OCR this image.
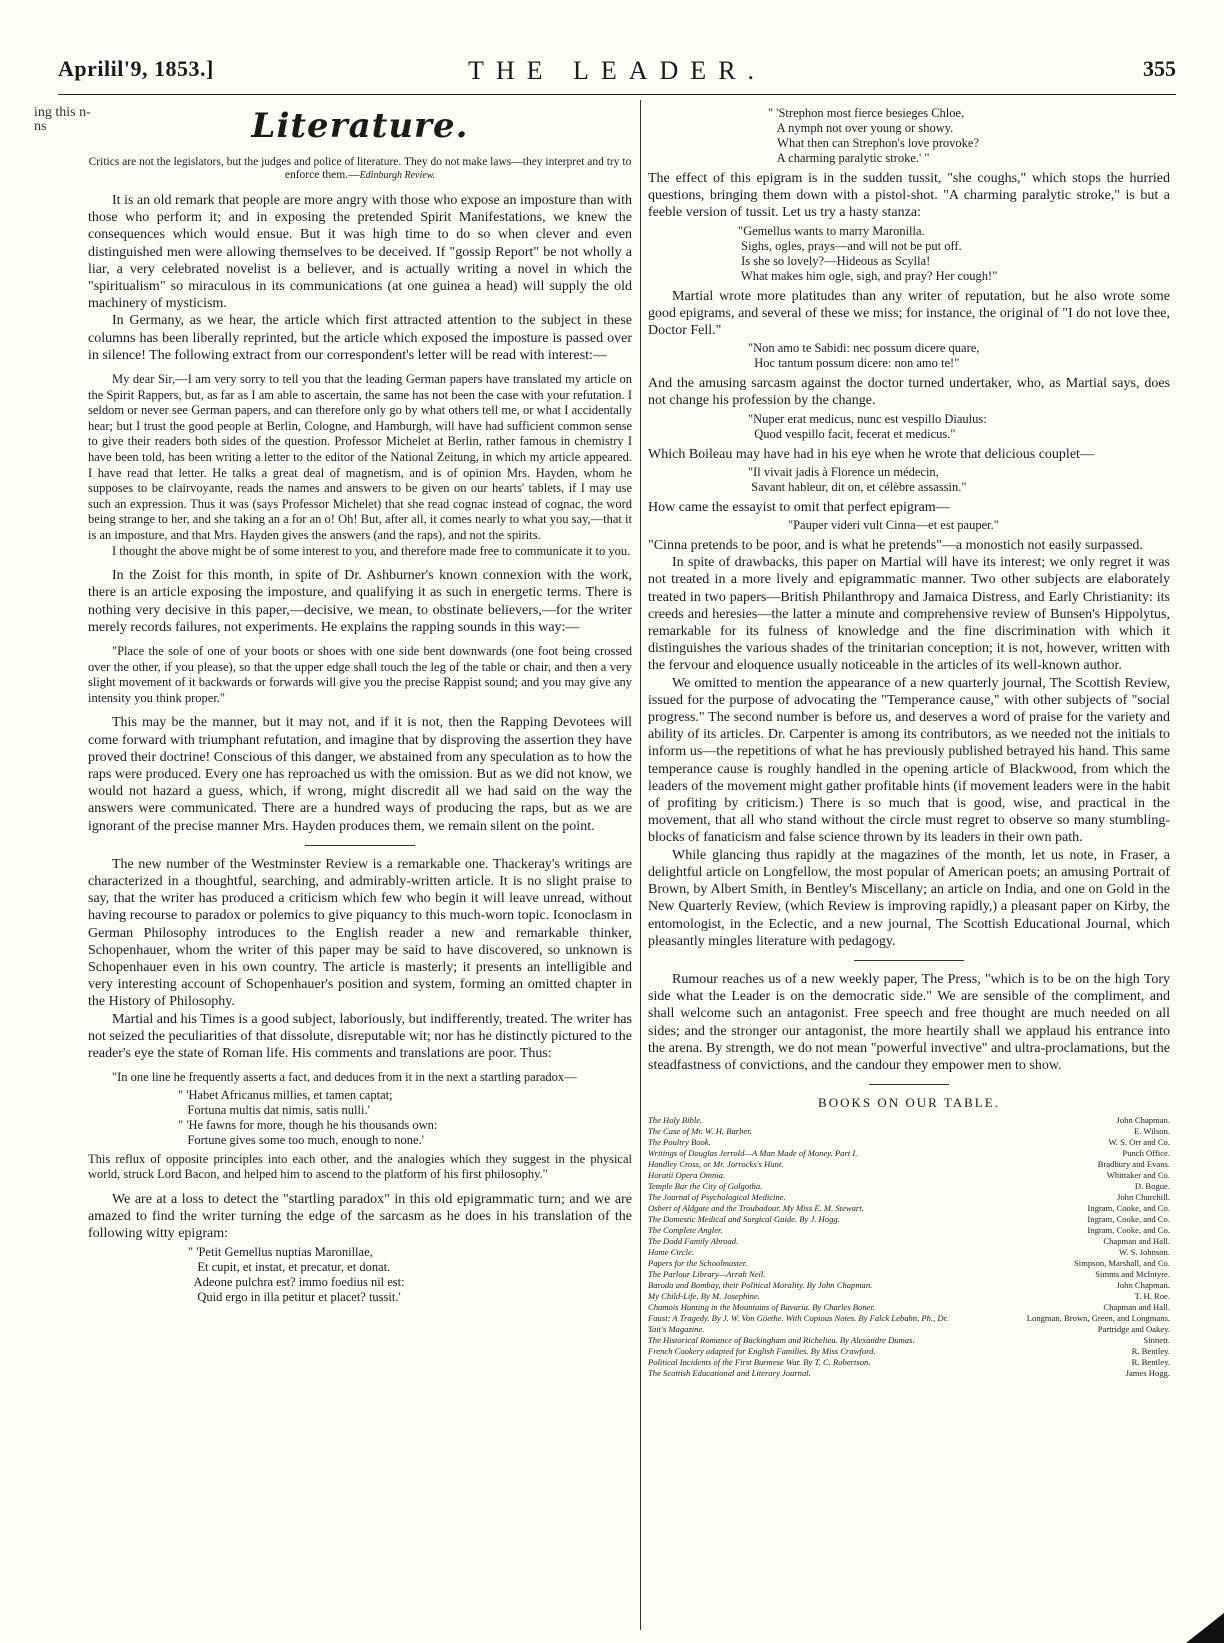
Aprilil'9, 1853.]	THE LEADER.	355
ing this n- ns	Literature.
Critics are not the legislators, but the judges and police of literature. They do not make laws—they interpret and try to enforce them.—Edinburgh Review.

It is an old remark that people are more angry with those who expose an imposture than with those who perform it; and in exposing the pretended Spirit Manifestations, we knew the consequences which would ensue. But it was high time to do so when clever and even distinguished men were allowing themselves to be deceived. If "gossip Report" be not wholly a liar, a very celebrated novelist is a believer, and is actually writing a novel in which the "spiritualism" so miraculous in its communications (at one guinea a head) will supply the old machinery of mysticism.

In Germany, as we hear, the article which first attracted attention to the subject in these columns has been liberally reprinted, but the article which exposed the imposture is passed over in silence! The following extract from our correspondent's letter will be read with interest:—

My dear Sir,—I am very sorry to tell you that the leading German papers have translated my article on the Spirit Rappers, but, as far as I am able to ascertain, the same has not been the case with your refutation. I seldom or never see German papers, and can therefore only go by what others tell me, or what I accidentally hear; but I trust the good people at Berlin, Cologne, and Hamburgh, will have had sufficient common sense to give their readers both sides of the question. Professor Michelet at Berlin, rather famous in chemistry I have been told, has been writing a letter to the editor of the National Zeitung, in which my article appeared. I have read that letter. He talks a great deal of magnetism, and is of opinion Mrs. Hayden, whom he supposes to be clairvoyante, reads the names and answers to be given on our hearts' tablets, if I may use such an expression. Thus it was (says Professor Michelet) that she read cognac instead of cognac, the word being strange to her, and she taking an a for an o! Oh! But, after all, it comes nearly to what you say,—that it is an imposture, and that Mrs. Hayden gives the answers (and the raps), and not the spirits.

I thought the above might be of some interest to you, and therefore made free to communicate it to you.

In the Zoist for this month, in spite of Dr. Ashburner's known connexion with the work, there is an article exposing the imposture, and qualifying it as such in energetic terms. There is nothing very decisive in this paper,—decisive, we mean, to obstinate believers,—for the writer merely records failures, not experiments. He explains the rapping sounds in this way:—

"Place the sole of one of your boots or shoes with one side bent downwards (one foot being crossed over the other, if you please), so that the upper edge shall touch the leg of the table or chair, and then a very slight movement of it backwards or forwards will give you the precise Rappist sound; and you may give any intensity you think proper."

This may be the manner, but it may not, and if it is not, then the Rapping Devotees will come forward with triumphant refutation, and imagine that by disproving the assertion they have proved their doctrine! Conscious of this danger, we abstained from any speculation as to how the raps were produced. Every one has reproached us with the omission. But as we did not know, we would not hazard a guess, which, if wrong, might discredit all we had said on the way the answers were communicated. There are a hundred ways of producing the raps, but as we are ignorant of the precise manner Mrs. Hayden produces them, we remain silent on the point.

The new number of the Westminster Review is a remarkable one. Thackeray's writings are characterized in a thoughtful, searching, and admirably-written article. It is no slight praise to say, that the writer has produced a criticism which few who begin it will leave unread, without having recourse to paradox or polemics to give piquancy to this much-worn topic. Iconoclasm in German Philosophy introduces to the English reader a new and remarkable thinker, Schopenhauer, whom the writer of this paper may be said to have discovered, so unknown is Schopenhauer even in his own country. The article is masterly; it presents an intelligible and very interesting account of Schopenhauer's position and system, forming an omitted chapter in the History of Philosophy.

Martial and his Times is a good subject, laboriously, but indifferently, treated. The writer has not seized the peculiarities of that dissolute, disreputable wit; nor has he distinctly pictured to the reader's eye the state of Roman life. His comments and translations are poor. Thus:

"In one line he frequently asserts a fact, and deduces from it in the next a startling paradox—

" 'Habet Africanus millies, et tamen captat;
Fortuna multis dat nimis, satis nulli.'
" 'He fawns for more, though he his thousands own:
Fortune gives some too much, enough to none.'

This reflux of opposite principles into each other, and the analogies which they suggest in the physical world, struck Lord Bacon, and helped him to ascend to the platform of his first philosophy."

We are at a loss to detect the "startling paradox" in this old epigrammatic turn; and we are amazed to find the writer turning the edge of the sarcasm as he does in his translation of the following witty epigram:

" 'Petit Gemellus nuptias Maronillae,
Et cupit, et instat, et precatur, et donat.
Adeone pulchra est? immo foedius nil est:
Quid ergo in illa petitur et placet? tussit.'
" 'Strephon most fierce besieges Chloe,
A nymph not over young or showy.
What then can Strephon's love provoke?
A charming paralytic stroke.' "

The effect of this epigram is in the sudden tussit, "she coughs," which stops the hurried questions, bringing them down with a pistol-shot. "A charming paralytic stroke," is but a feeble version of tussit. Let us try a hasty stanza:

"Gemellus wants to marry Maronilla.
Sighs, ogles, prays—and will not be put off.
Is she so lovely?—Hideous as Scylla!
What makes him ogle, sigh, and pray? Her cough!"

Martial wrote more platitudes than any writer of reputation, but he also wrote some good epigrams, and several of these we miss; for instance, the original of "I do not love thee, Doctor Fell."

"Non amo te Sabidi: nec possum dicere quare,
Hoc tantum possum dicere: non amo te!"

And the amusing sarcasm against the doctor turned undertaker, who, as Martial says, does not change his profession by the change.

"Nuper erat medicus, nunc est vespillo Diaulus:
Quod vespillo facit, fecerat et medicus."

Which Boileau may have had in his eye when he wrote that delicious couplet—

"Il vivait jadis à Florence un médecin,
Savant hableur, dit on, et célèbre assassin."

How came the essayist to omit that perfect epigram—

"Pauper videri vult Cinna—et est pauper."

"Cinna pretends to be poor, and is what he pretends"—a monostich not easily surpassed.

In spite of drawbacks, this paper on Martial will have its interest; we only regret it was not treated in a more lively and epigrammatic manner. Two other subjects are elaborately treated in two papers—British Philanthropy and Jamaica Distress, and Early Christianity: its creeds and heresies—the latter a minute and comprehensive review of Bunsen's Hippolytus, remarkable for its fulness of knowledge and the fine discrimination with which it distinguishes the various shades of the trinitarian conception; it is not, however, written with the fervour and eloquence usually noticeable in the articles of its well-known author.

We omitted to mention the appearance of a new quarterly journal, The Scottish Review, issued for the purpose of advocating the "Temperance cause," with other subjects of "social progress." The second number is before us, and deserves a word of praise for the variety and ability of its articles. Dr. Carpenter is among its contributors, as we needed not the initials to inform us—the repetitions of what he has previously published betrayed his hand. This same temperance cause is roughly handled in the opening article of Blackwood, from which the leaders of the movement might gather profitable hints (if movement leaders were in the habit of profiting by criticism.) There is so much that is good, wise, and practical in the movement, that all who stand without the circle must regret to observe so many stumbling-blocks of fanaticism and false science thrown by its leaders in their own path.

While glancing thus rapidly at the magazines of the month, let us note, in Fraser, a delightful article on Longfellow, the most popular of American poets; an amusing Portrait of Brown, by Albert Smith, in Bentley's Miscellany; an article on India, and one on Gold in the New Quarterly Review, (which Review is improving rapidly,) a pleasant paper on Kirby, the entomologist, in the Eclectic, and a new journal, The Scottish Educational Journal, which pleasantly mingles literature with pedagogy.

Rumour reaches us of a new weekly paper, The Press, "which is to be on the high Tory side what the Leader is on the democratic side." We are sensible of the compliment, and shall welcome such an antagonist. Free speech and free thought are much needed on all sides; and the stronger our antagonist, the more heartily shall we applaud his entrance into the arena. By strength, we do not mean "powerful invective" and ultra-proclamations, but the steadfastness of convictions, and the candour they empower men to show.

BOOKS ON OUR TABLE.
The Holy Bible.	John Chapman.
The Case of Mr. W. H. Barber.	E. Wilson.
The Poultry Book.	W. S. Orr and Co.
Writings of Douglas Jerrold—A Man Made of Money. Part I.	Punch Office.
Handley Cross, or Mr. Jorrocks's Hunt.	Bradbury and Evans.
Horatii Opera Omnia.	Whittaker and Co.
Temple Bar the City of Golgotha.	D. Bogue.
The Journal of Psychological Medicine.	John Churchill.
Osbert of Aldgate and the Troubadour. My Miss E. M. Stewart.	Ingram, Cooke, and Co.
The Domestic Medical and Surgical Guide. By J. Hogg.	Ingram, Cooke, and Co.
The Complete Angler.	Ingram, Cooke, and Co.
The Dodd Family Abroad.	Chapman and Hall.
Home Circle.	W. S. Johnson.
Papers for the Schoolmaster.	Simpson, Marshall, and Co.
The Parlour Library—Arrah Neil.	Simms and McIntyre.
Baroda and Bombay, their Political Morality. By John Chapman.	John Chapman.
My Child-Life. By M. Josephine.	T. H. Roe.
Chamois Hunting in the Mountains of Bavaria. By Charles Boner.	Chapman and Hall.
Faust: A Tragedy. By J. W. Von Göethe. With Copious Notes. By Falck Lebahn, Ph., Dr.	Longman, Brown, Green, and Longmans.
Tait's Magazine.	Partridge and Oakey.
The Historical Romance of Buckingham and Richelieu. By Alexandre Dumas.	Sinnett.
French Cookery adapted for English Families. By Miss Crawford.	R. Bentley.
Political Incidents of the First Burmese War. By T. C. Robertson.	R. Bentley.
The Scottish Educational and Literary Journal.	James Hogg.
